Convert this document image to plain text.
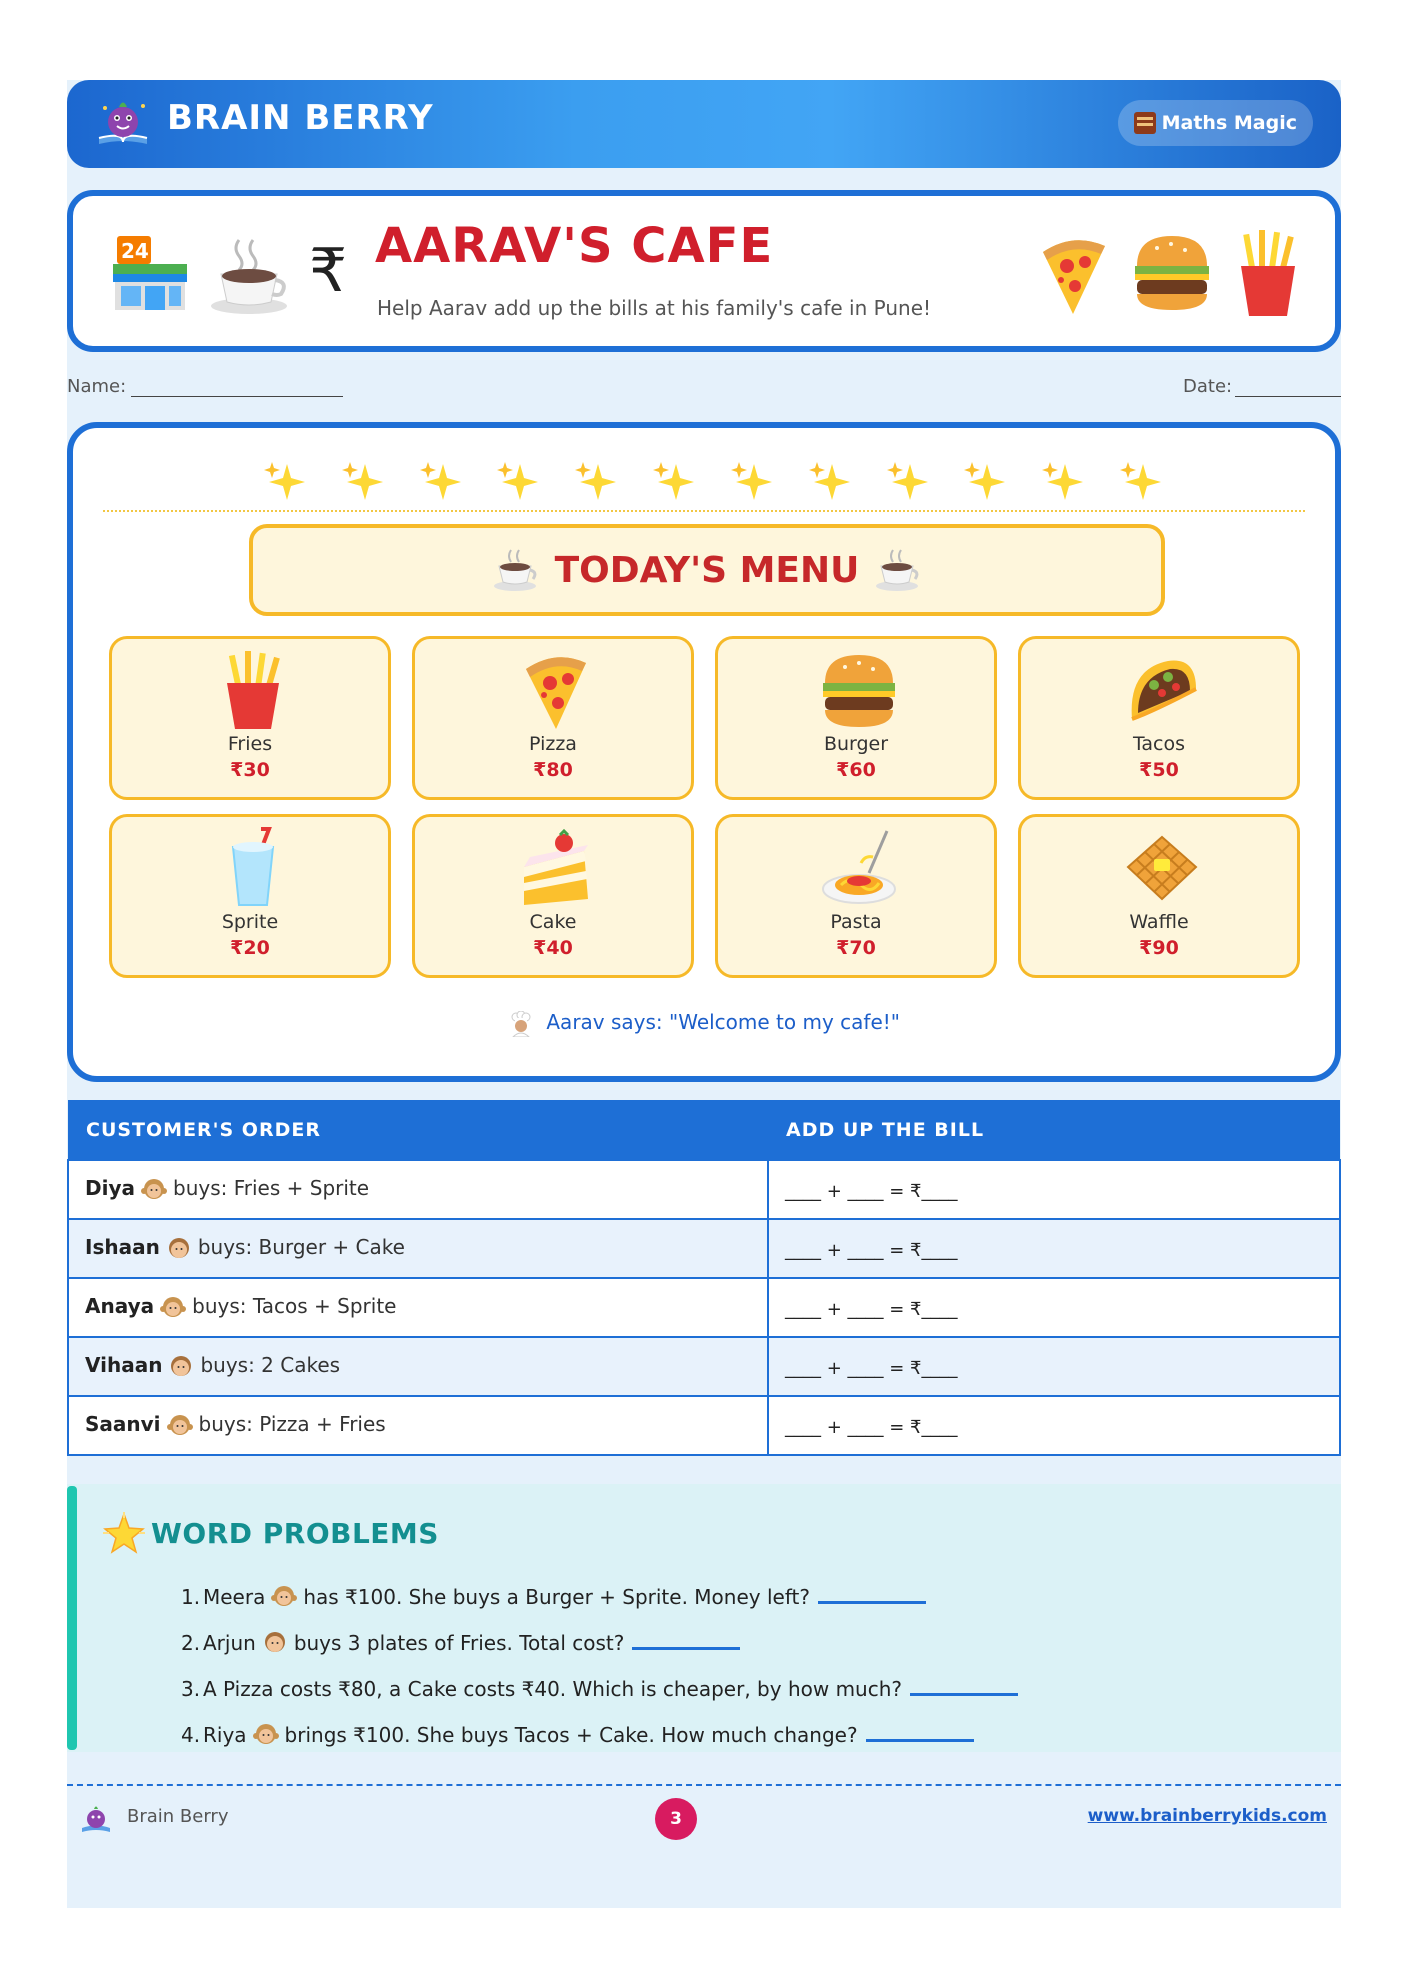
BRAIN BERRY	Maths Magic
24	₹ AARAV'S CAFE
Help Aarav add up the bills at his family's cafe in Pune!
Name:	Date:
TODAY'S MENU
Fries
₹30
Pizza
₹80
Burger
₹60
Tacos
₹50
Sprite
₹20
Cake
₹40
Pasta
₹70
Waffle
₹90
Aarav says: "Welcome to my cafe!"
CUSTOMER'S ORDER	ADD UP THE BILL
Diya buys: Fries + Sprite	____ + ____ = ₹____
Ishaan buys: Burger + Cake	____ + ____ = ₹____
Anaya buys: Tacos + Sprite	____ + ____ = ₹____
Vihaan buys: 2 Cakes	____ + ____ = ₹____
Saanvi buys: Pizza + Fries	____ + ____ = ₹____
WORD PROBLEMS
1. Meera has ₹100. She buys a Burger + Sprite. Money left?
2. Arjun buys 3 plates of Fries. Total cost?
3. A Pizza costs ₹80, a Cake costs ₹40. Which is cheaper, by how much?
4. Riya brings ₹100. She buys Tacos + Cake. How much change?
Brain Berry	3	www.brainberrykids.com
